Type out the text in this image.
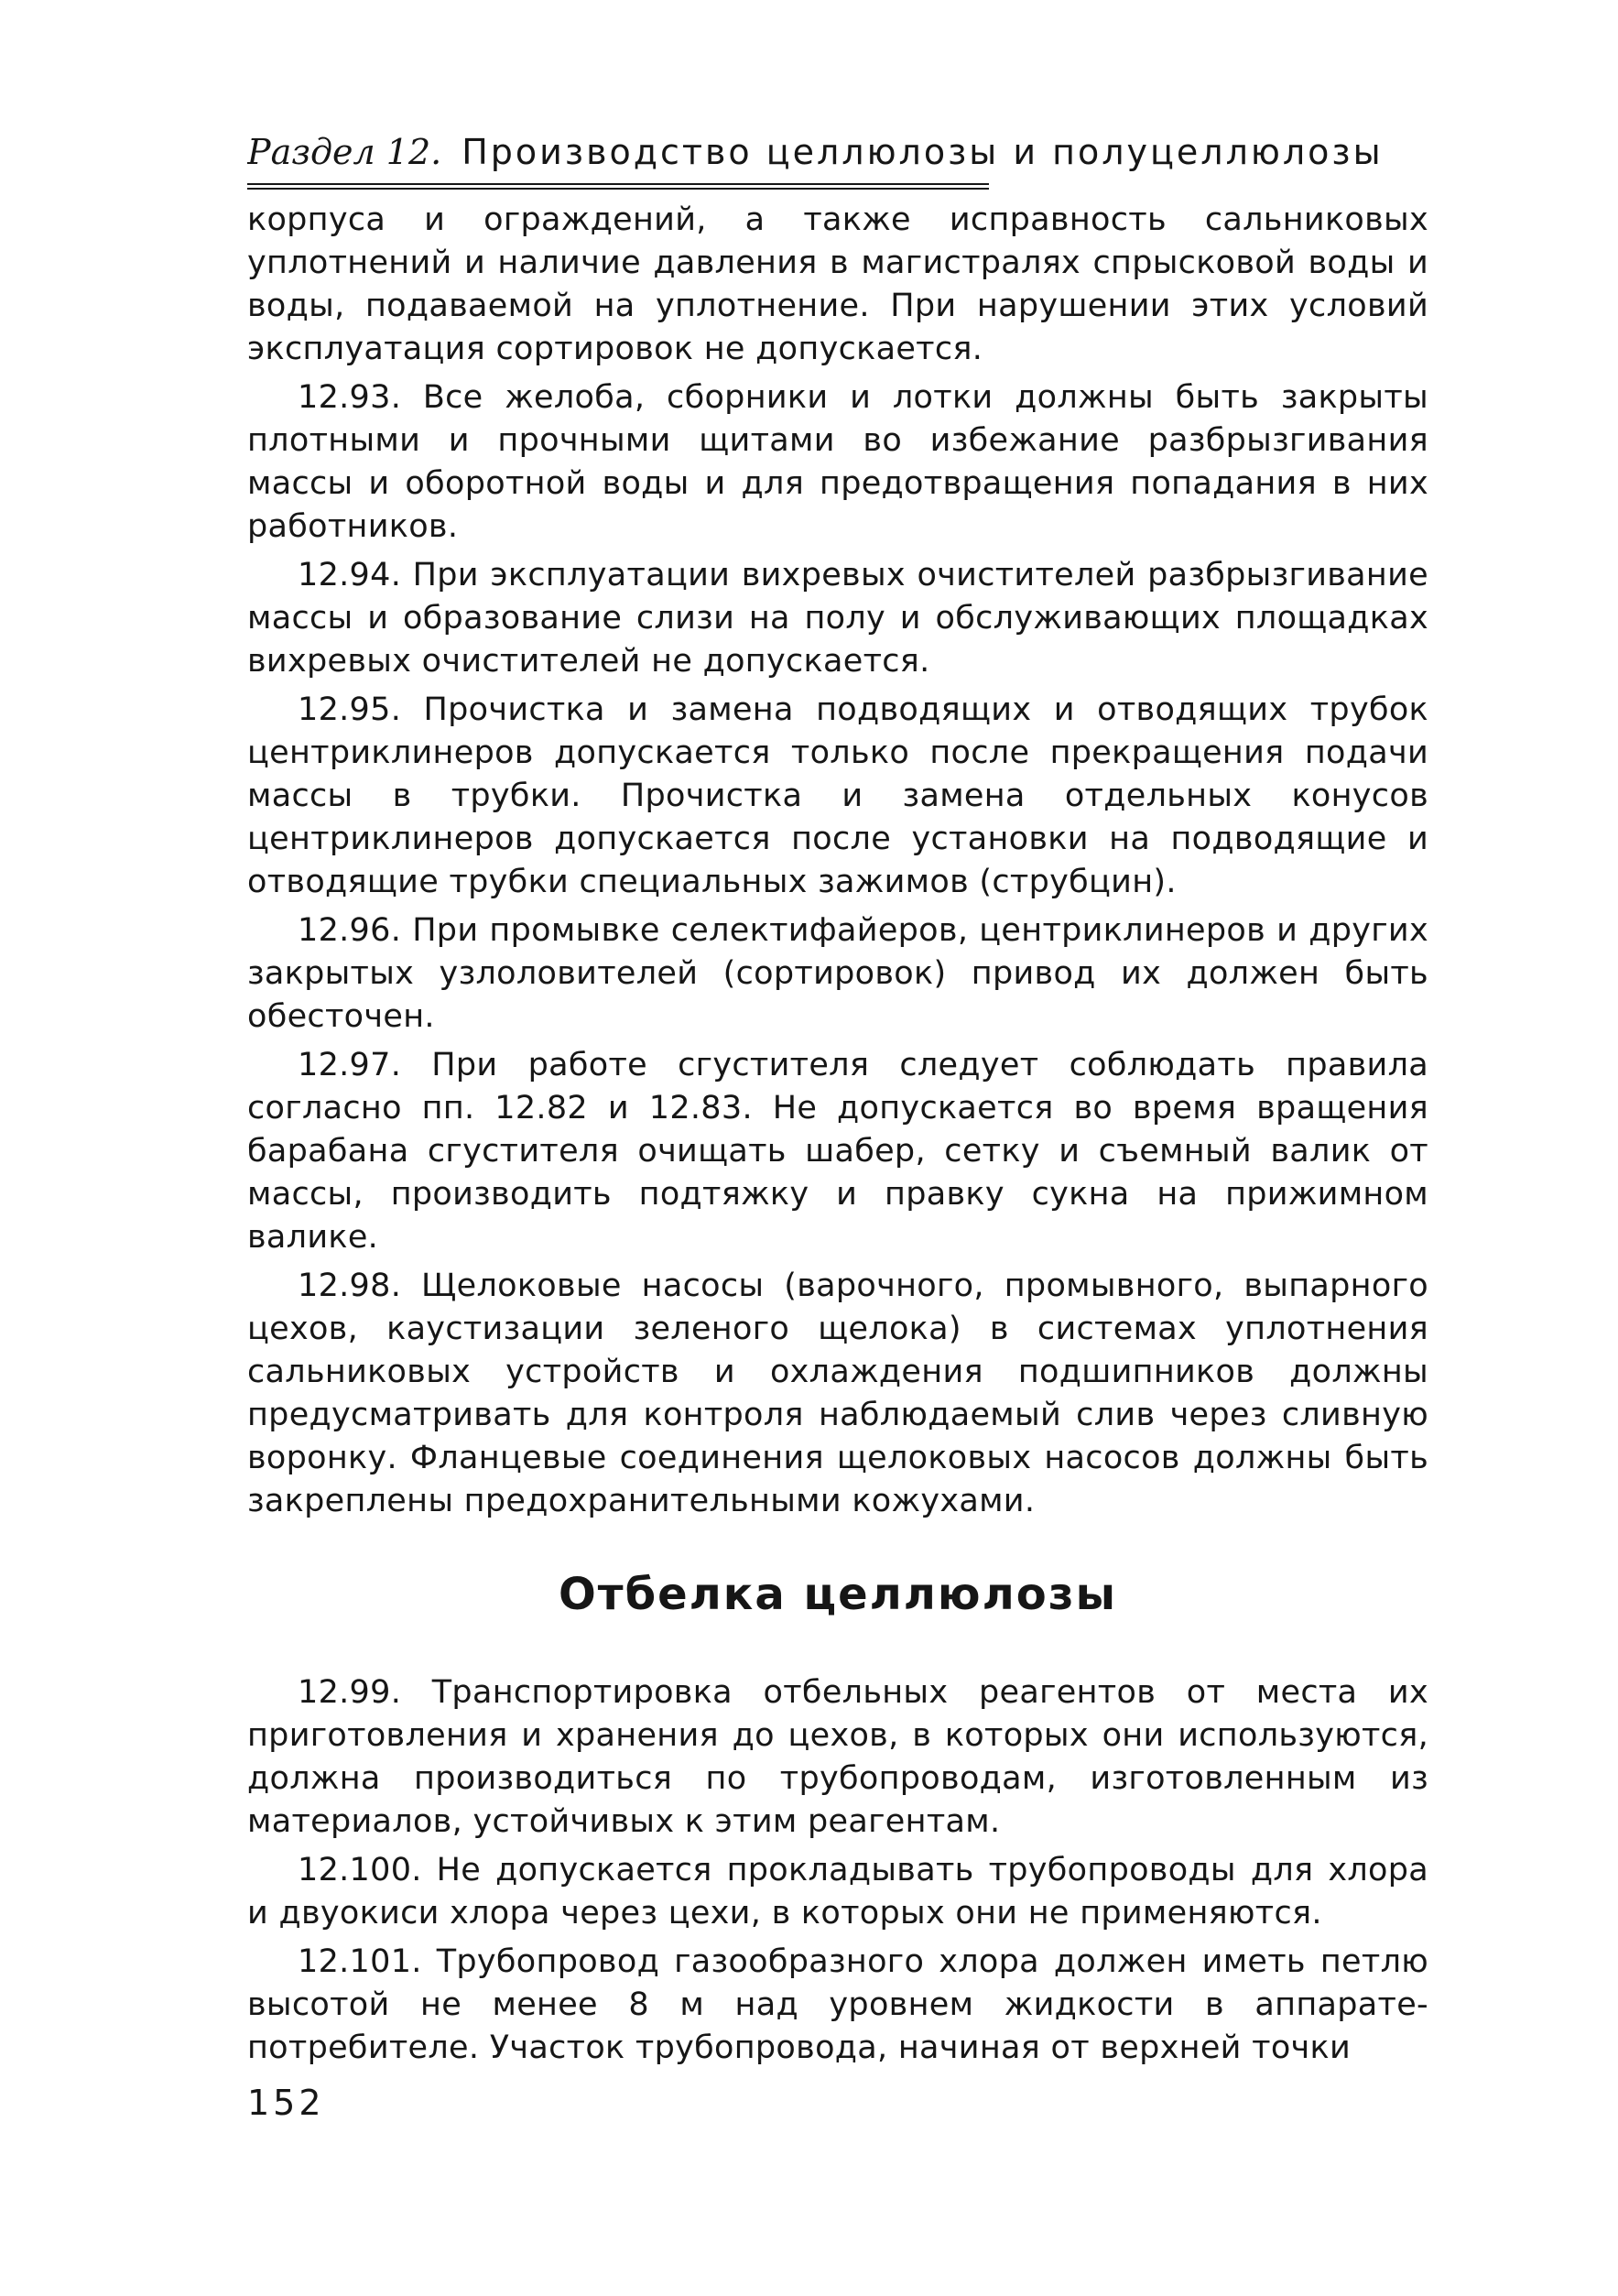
Раздел 12. Производство целлюлозы и полуцеллюлозы

корпуса и ограждений, а также исправность сальниковых уплотнений и наличие давления в магистралях спрысковой воды и воды, подаваемой на уплотнение. При нарушении этих условий эксплуатация сортировок не допускается.

12.93. Все желоба, сборники и лотки должны быть закрыты плотными и прочными щитами во избежание разбрызгивания массы и оборотной воды и для предотвращения попадания в них работников.

12.94. При эксплуатации вихревых очистителей разбрызгивание массы и образование слизи на полу и обслуживающих площадках вихревых очистителей не допускается.

12.95. Прочистка и замена подводящих и отводящих трубок центриклинеров допускается только после прекращения подачи массы в трубки. Прочистка и замена отдельных конусов центриклинеров допускается после установки на подводящие и отводящие трубки специальных зажимов (струбцин).

12.96. При промывке селектифайеров, центриклинеров и других закрытых узлоловителей (сортировок) привод их должен быть обесточен.

12.97. При работе сгустителя следует соблюдать правила согласно пп. 12.82 и 12.83. Не допускается во время вращения барабана сгустителя очищать шабер, сетку и съемный валик от массы, производить подтяжку и правку сукна на прижимном валике.

12.98. Щелоковые насосы (варочного, промывного, выпарного цехов, каустизации зеленого щелока) в системах уплотнения сальниковых устройств и охлаждения подшипников должны предусматривать для контроля наблюдаемый слив через сливную воронку. Фланцевые соединения щелоковых насосов должны быть закреплены предохранительными кожухами.

Отбелка целлюлозы

12.99. Транспортировка отбельных реагентов от места их приготовления и хранения до цехов, в которых они используются, должна производиться по трубопроводам, изготовленным из материалов, устойчивых к этим реагентам.

12.100. Не допускается прокладывать трубопроводы для хлора и двуокиси хлора через цехи, в которых они не применяются.

12.101. Трубопровод газообразного хлора должен иметь петлю высотой не менее 8 м над уровнем жидкости в аппарате-потребителе. Участок трубопровода, начиная от верхней точки

152
